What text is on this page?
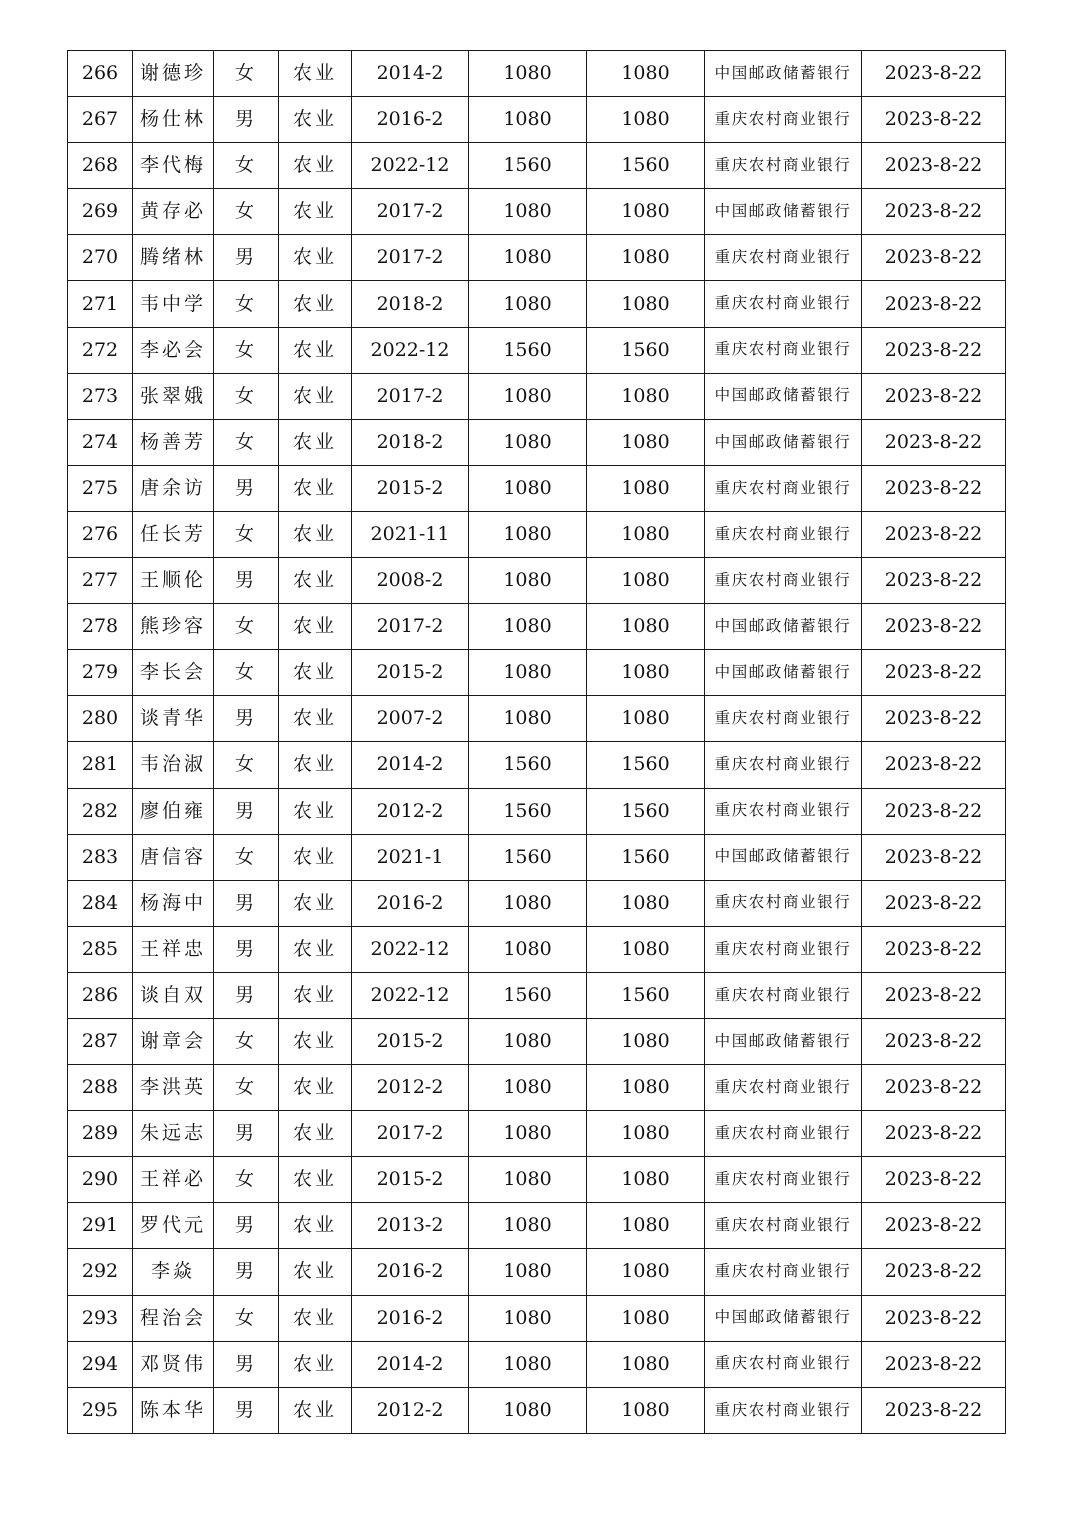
266	谢德珍	女	农业	2014-2	1080	1080	中国邮政储蓄银行	2023-8-22
267	杨仕林	男	农业	2016-2	1080	1080	重庆农村商业银行	2023-8-22
268	李代梅	女	农业	2022-12	1560	1560	重庆农村商业银行	2023-8-22
269	黄存必	女	农业	2017-2	1080	1080	中国邮政储蓄银行	2023-8-22
270	腾绪林	男	农业	2017-2	1080	1080	重庆农村商业银行	2023-8-22
271	韦中学	女	农业	2018-2	1080	1080	重庆农村商业银行	2023-8-22
272	李必会	女	农业	2022-12	1560	1560	重庆农村商业银行	2023-8-22
273	张翠娥	女	农业	2017-2	1080	1080	中国邮政储蓄银行	2023-8-22
274	杨善芳	女	农业	2018-2	1080	1080	中国邮政储蓄银行	2023-8-22
275	唐余访	男	农业	2015-2	1080	1080	重庆农村商业银行	2023-8-22
276	任长芳	女	农业	2021-11	1080	1080	重庆农村商业银行	2023-8-22
277	王顺伦	男	农业	2008-2	1080	1080	重庆农村商业银行	2023-8-22
278	熊珍容	女	农业	2017-2	1080	1080	中国邮政储蓄银行	2023-8-22
279	李长会	女	农业	2015-2	1080	1080	中国邮政储蓄银行	2023-8-22
280	谈青华	男	农业	2007-2	1080	1080	重庆农村商业银行	2023-8-22
281	韦治淑	女	农业	2014-2	1560	1560	重庆农村商业银行	2023-8-22
282	廖伯雍	男	农业	2012-2	1560	1560	重庆农村商业银行	2023-8-22
283	唐信容	女	农业	2021-1	1560	1560	中国邮政储蓄银行	2023-8-22
284	杨海中	男	农业	2016-2	1080	1080	重庆农村商业银行	2023-8-22
285	王祥忠	男	农业	2022-12	1080	1080	重庆农村商业银行	2023-8-22
286	谈自双	男	农业	2022-12	1560	1560	重庆农村商业银行	2023-8-22
287	谢章会	女	农业	2015-2	1080	1080	中国邮政储蓄银行	2023-8-22
288	李洪英	女	农业	2012-2	1080	1080	重庆农村商业银行	2023-8-22
289	朱远志	男	农业	2017-2	1080	1080	重庆农村商业银行	2023-8-22
290	王祥必	女	农业	2015-2	1080	1080	重庆农村商业银行	2023-8-22
291	罗代元	男	农业	2013-2	1080	1080	重庆农村商业银行	2023-8-22
292	李焱	男	农业	2016-2	1080	1080	重庆农村商业银行	2023-8-22
293	程治会	女	农业	2016-2	1080	1080	中国邮政储蓄银行	2023-8-22
294	邓贤伟	男	农业	2014-2	1080	1080	重庆农村商业银行	2023-8-22
295	陈本华	男	农业	2012-2	1080	1080	重庆农村商业银行	2023-8-22
